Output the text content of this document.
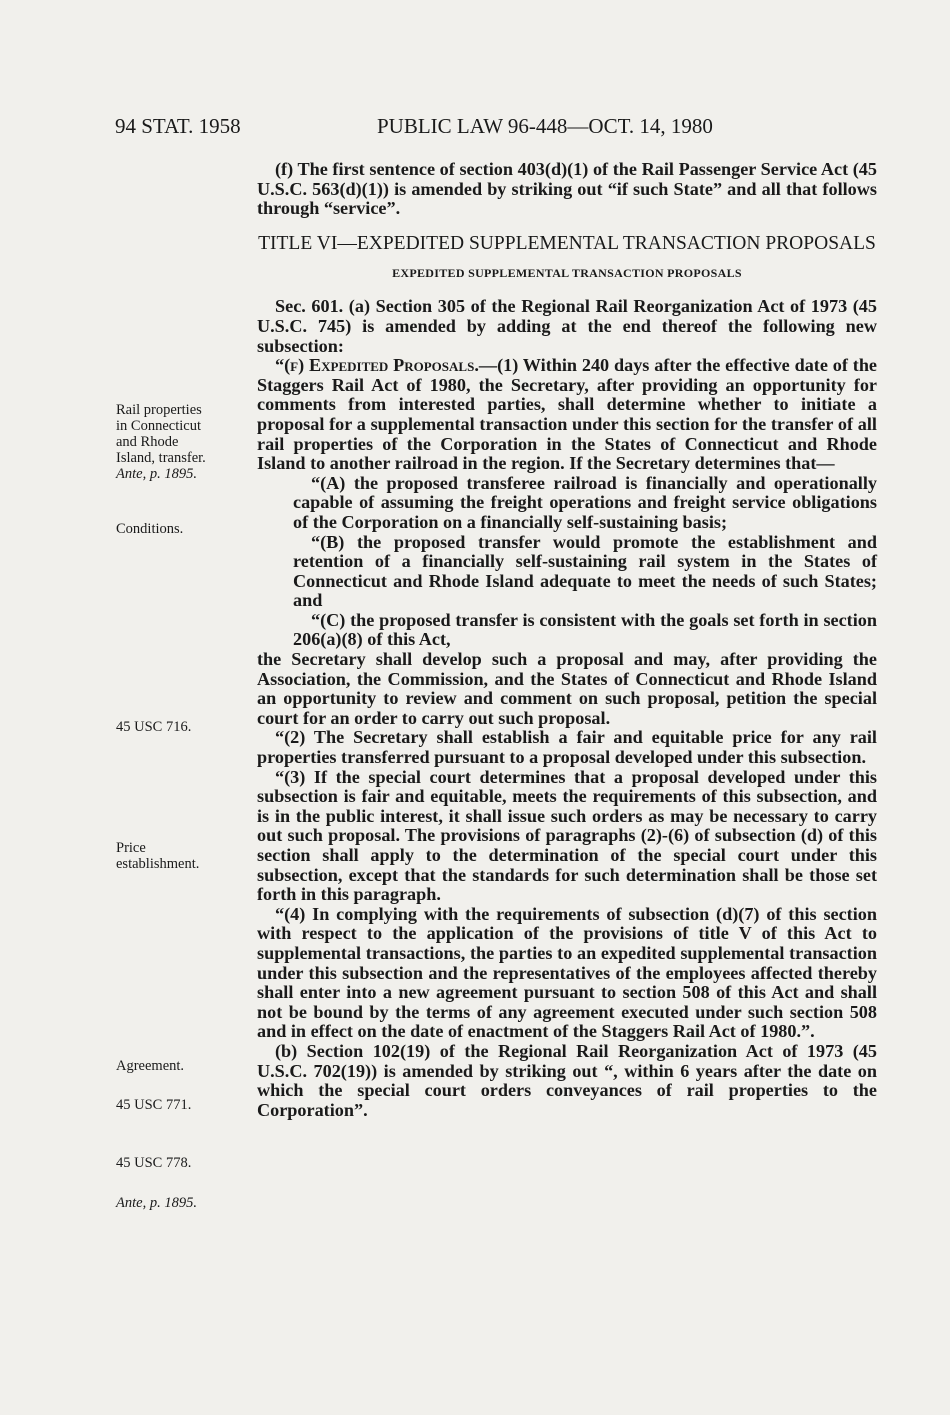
94 STAT. 1958	PUBLIC LAW 96-448—OCT. 14, 1980
Rail properties
in Connecticut
and Rhode
Island, transfer.
Ante, p. 1895.
Conditions.
45 USC 716.
Price
establishment.
Agreement.
45 USC 771.
45 USC 778.
Ante, p. 1895.

(f) The first sentence of section 403(d)(1) of the Rail Passenger Service Act (45 U.S.C. 563(d)(1)) is amended by striking out “if such State” and all that follows through “service”.

TITLE VI—EXPEDITED SUPPLEMENTAL TRANSACTION PROPOSALS

EXPEDITED SUPPLEMENTAL TRANSACTION PROPOSALS

Sec. 601. (a) Section 305 of the Regional Rail Reorganization Act of 1973 (45 U.S.C. 745) is amended by adding at the end thereof the following new subsection:

“(f) Expedited Proposals.—(1) Within 240 days after the effective date of the Staggers Rail Act of 1980, the Secretary, after providing an opportunity for comments from interested parties, shall determine whether to initiate a proposal for a supplemental transaction under this section for the transfer of all rail properties of the Corporation in the States of Connecticut and Rhode Island to another railroad in the region. If the Secretary determines that—

“(A) the proposed transferee railroad is financially and operationally capable of assuming the freight operations and freight service obligations of the Corporation on a financially self-sustaining basis;

“(B) the proposed transfer would promote the establishment and retention of a financially self-sustaining rail system in the States of Connecticut and Rhode Island adequate to meet the needs of such States; and

“(C) the proposed transfer is consistent with the goals set forth in section 206(a)(8) of this Act,

the Secretary shall develop such a proposal and may, after providing the Association, the Commission, and the States of Connecticut and Rhode Island an opportunity to review and comment on such proposal, petition the special court for an order to carry out such proposal.

“(2) The Secretary shall establish a fair and equitable price for any rail properties transferred pursuant to a proposal developed under this subsection.

“(3) If the special court determines that a proposal developed under this subsection is fair and equitable, meets the requirements of this subsection, and is in the public interest, it shall issue such orders as may be necessary to carry out such proposal. The provisions of paragraphs (2)-(6) of subsection (d) of this section shall apply to the determination of the special court under this subsection, except that the standards for such determination shall be those set forth in this paragraph.

“(4) In complying with the requirements of subsection (d)(7) of this section with respect to the application of the provisions of title V of this Act to supplemental transactions, the parties to an expedited supplemental transaction under this subsection and the representatives of the employees affected thereby shall enter into a new agreement pursuant to section 508 of this Act and shall not be bound by the terms of any agreement executed under such section 508 and in effect on the date of enactment of the Staggers Rail Act of 1980.”.

(b) Section 102(19) of the Regional Rail Reorganization Act of 1973 (45 U.S.C. 702(19)) is amended by striking out “, within 6 years after the date on which the special court orders conveyances of rail properties to the Corporation”.
